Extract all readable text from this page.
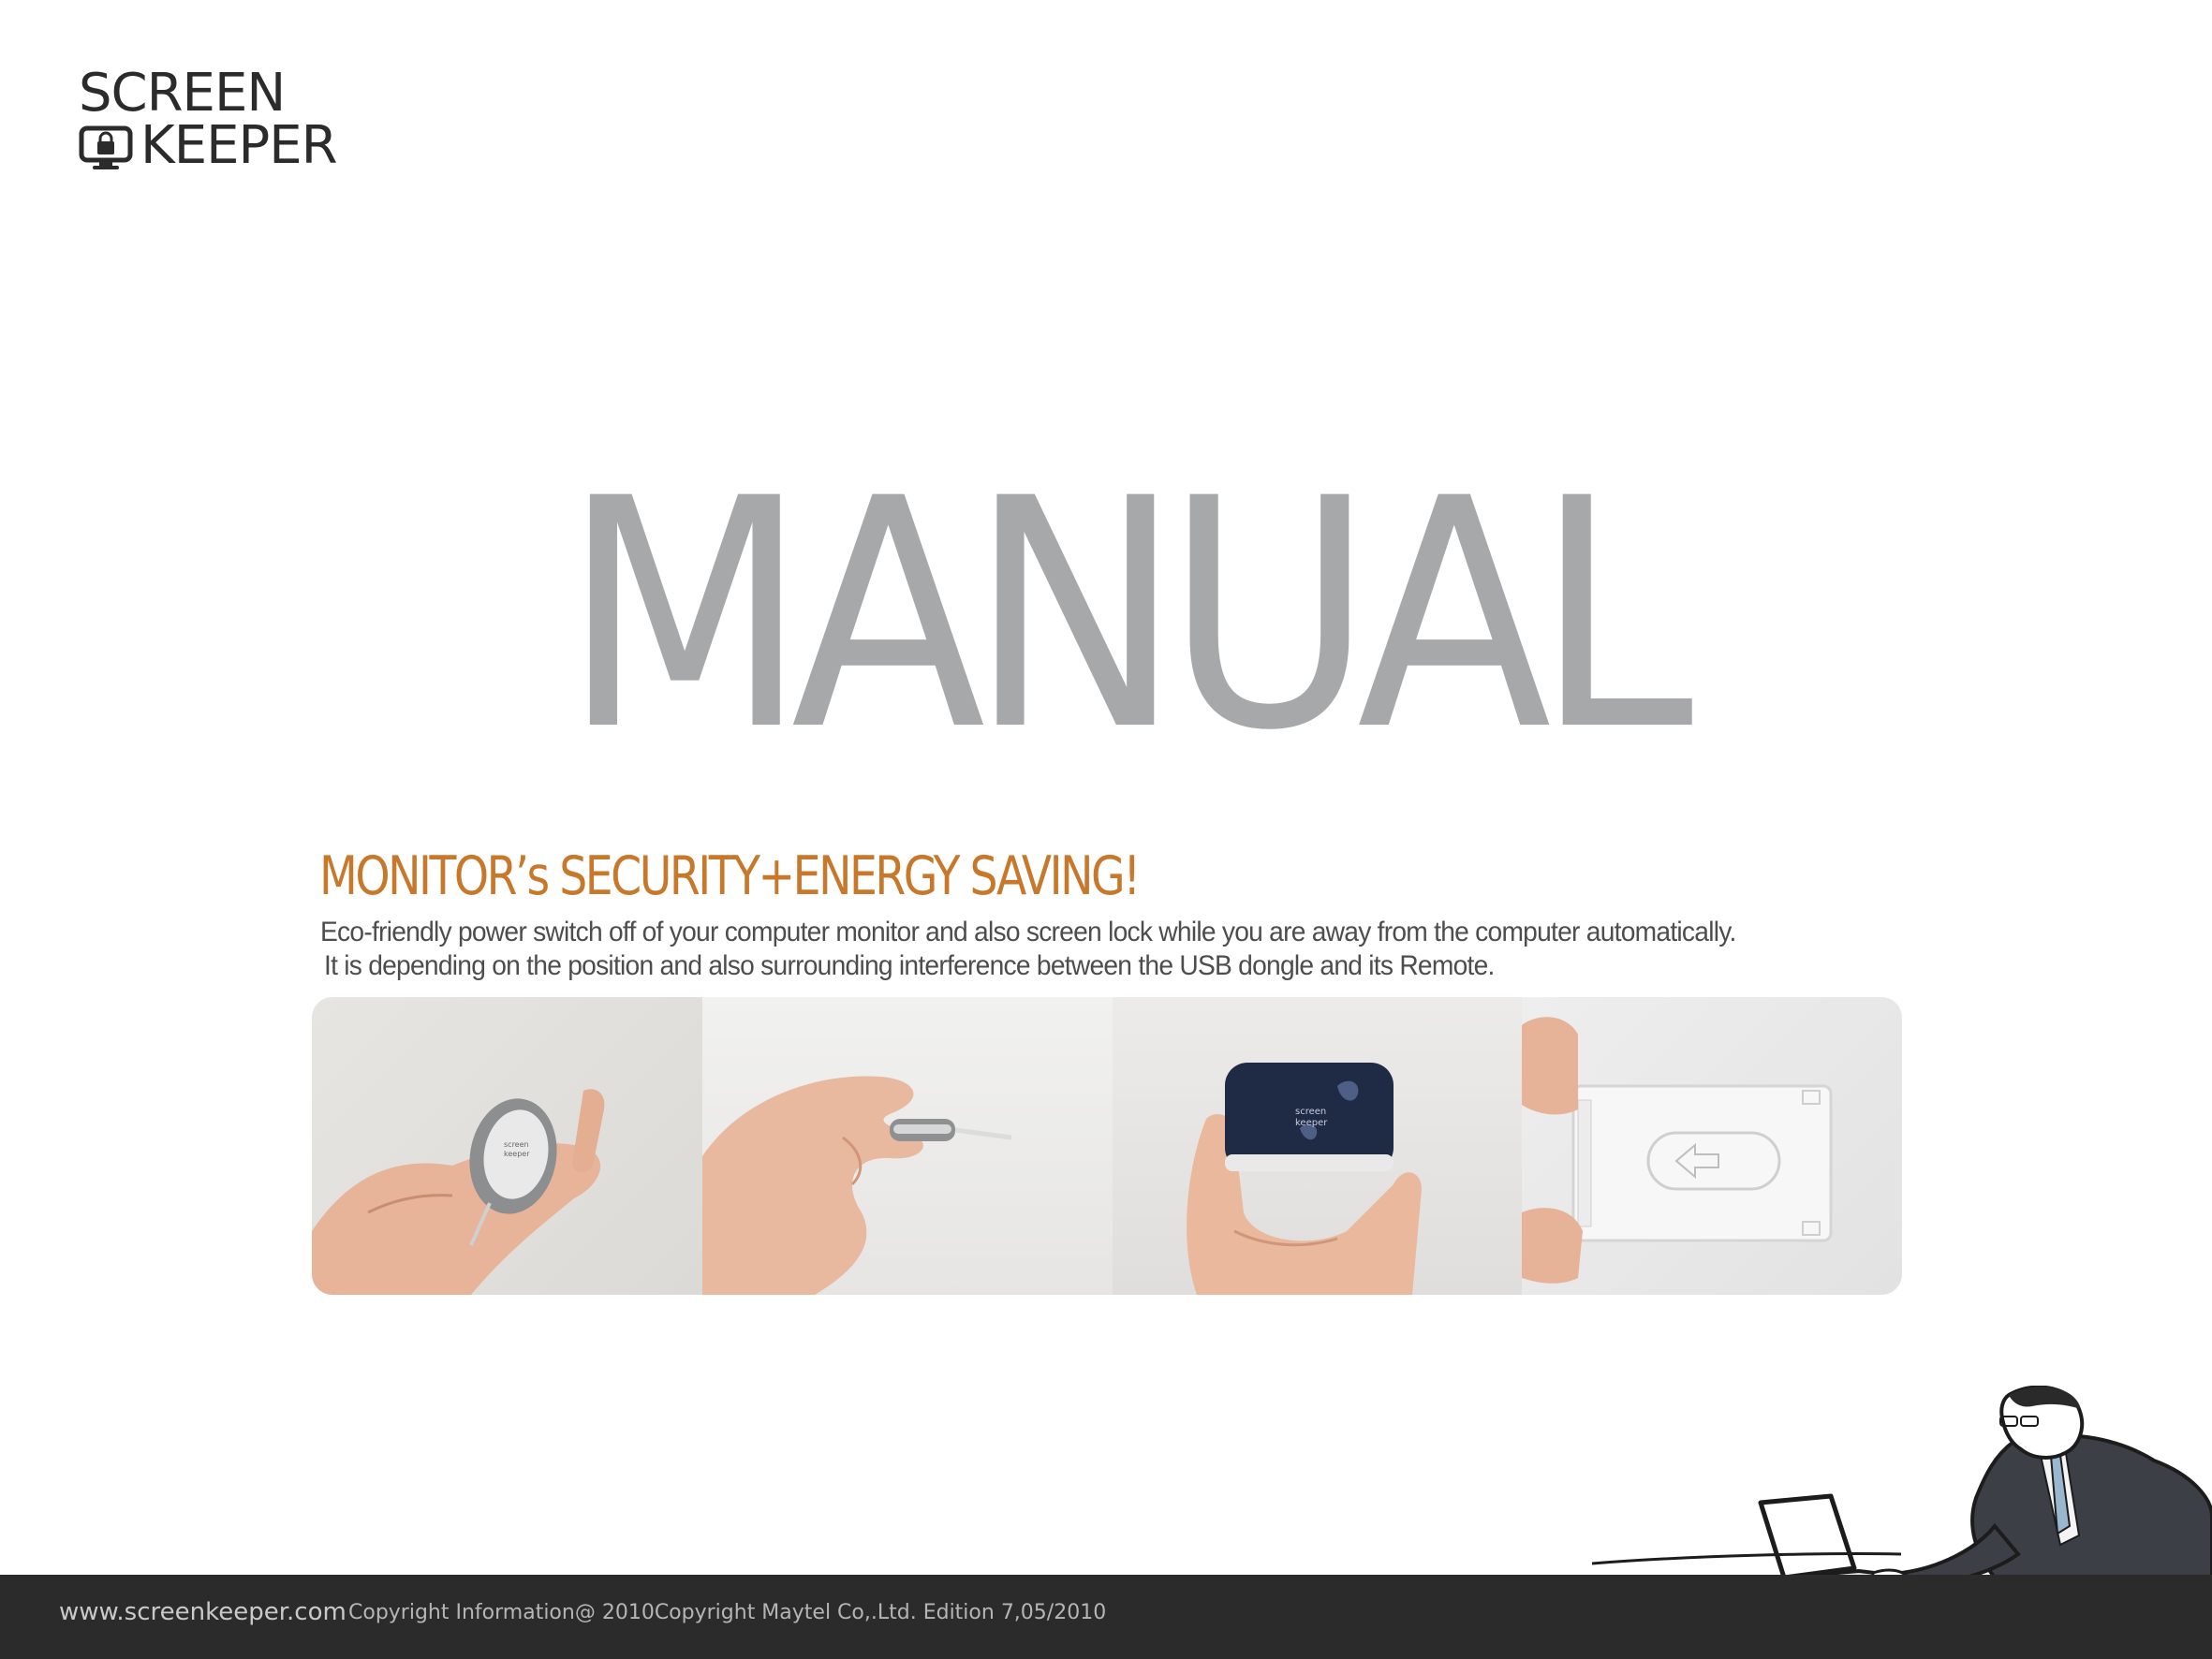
SCREEN
KEEPER
MANUAL
MONITOR’s SECURITY+ENERGY SAVING!
Eco-friendly power switch off of your computer monitor and also screen lock while you are away from the computer automatically.
It is depending on the position and also surrounding interference between the USB dongle and its Remote.
screen
keeper
screen
keeper
www.screenkeeper.com Copyright Information@ 2010Copyright Maytel Co,.Ltd. Edition 7,05/2010
